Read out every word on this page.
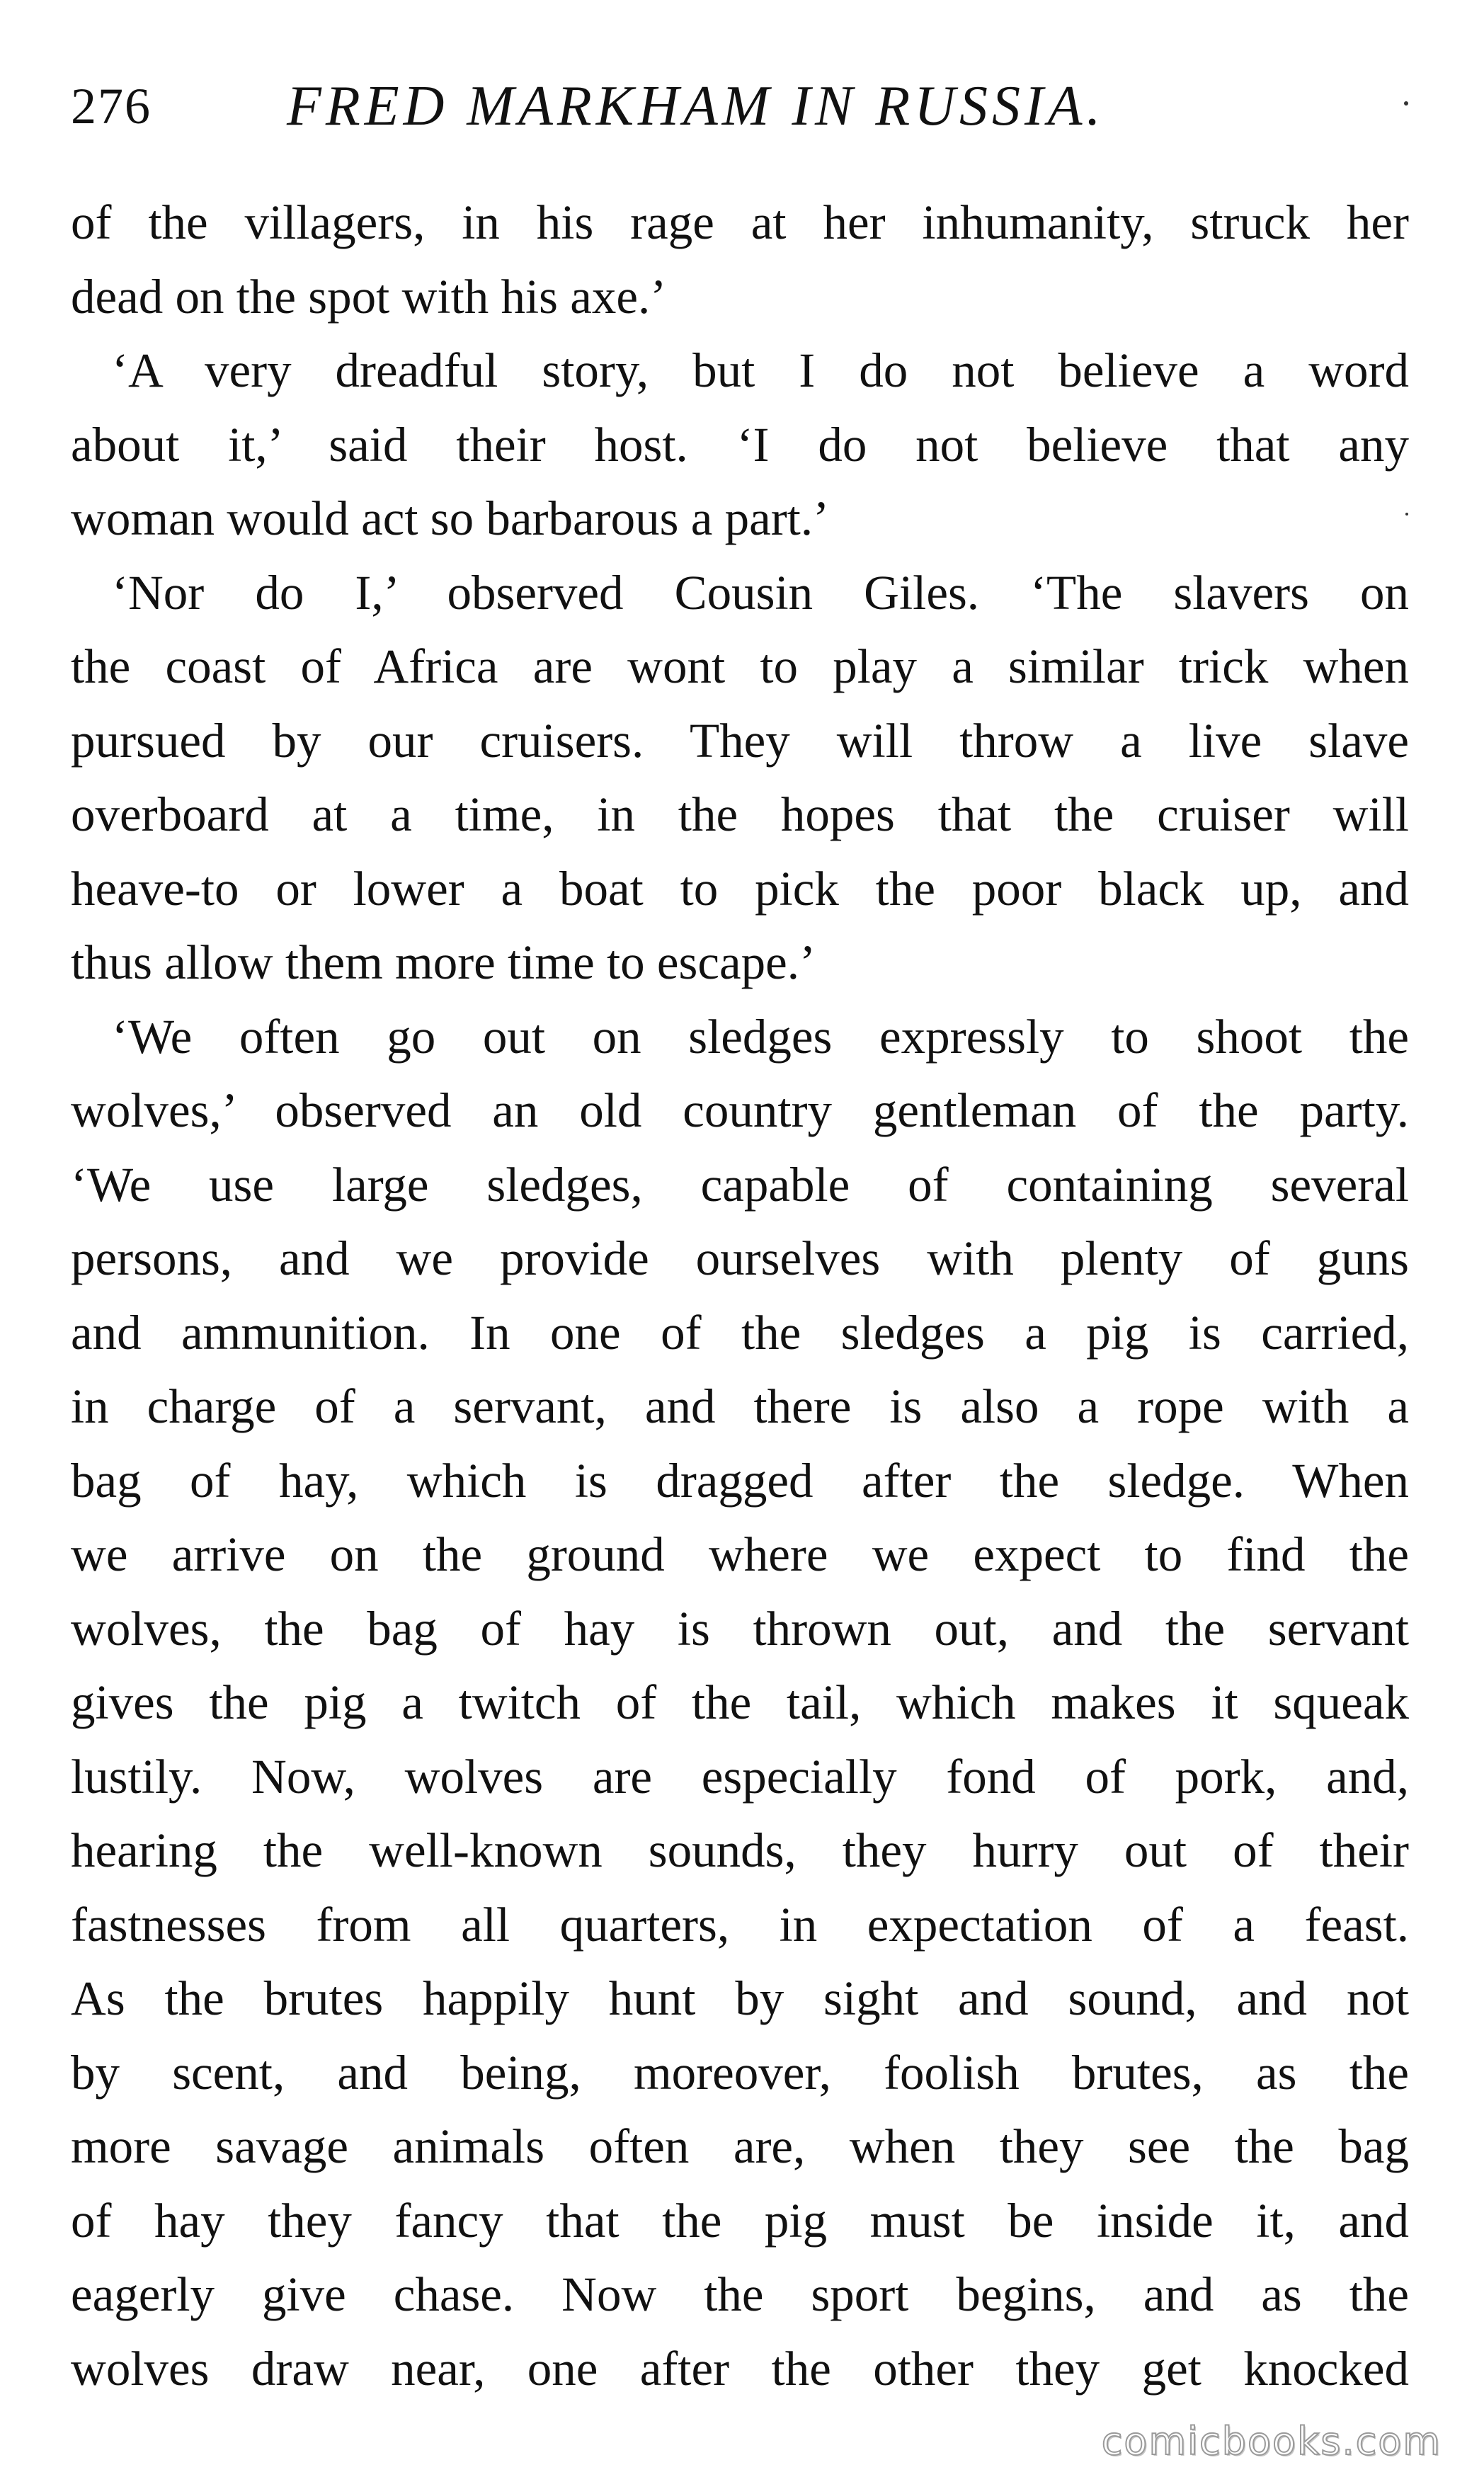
276 FRED MARKHAM IN RUSSIA.
of the villagers, in his rage at her inhumanity, struck her
dead on the spot with his axe.’
‘A very dreadful story, but I do not believe a word
about it,’ said their host. ‘I do not believe that any
woman would act so barbarous a part.’
‘Nor do I,’ observed Cousin Giles. ‘The slavers on
the coast of Africa are wont to play a similar trick when
pursued by our cruisers. They will throw a live slave
overboard at a time, in the hopes that the cruiser will
heave-to or lower a boat to pick the poor black up, and
thus allow them more time to escape.’
‘We often go out on sledges expressly to shoot the
wolves,’ observed an old country gentleman of the party.
‘We use large sledges, capable of containing several
persons, and we provide ourselves with plenty of guns
and ammunition. In one of the sledges a pig is carried,
in charge of a servant, and there is also a rope with a
bag of hay, which is dragged after the sledge. When
we arrive on the ground where we expect to find the
wolves, the bag of hay is thrown out, and the servant
gives the pig a twitch of the tail, which makes it squeak
lustily. Now, wolves are especially fond of pork, and,
hearing the well-known sounds, they hurry out of their
fastnesses from all quarters, in expectation of a feast.
As the brutes happily hunt by sight and sound, and not
by scent, and being, moreover, foolish brutes, as the
more savage animals often are, when they see the bag
of hay they fancy that the pig must be inside it, and
eagerly give chase. Now the sport begins, and as the
wolves draw near, one after the other they get knocked
comicbooks.com
